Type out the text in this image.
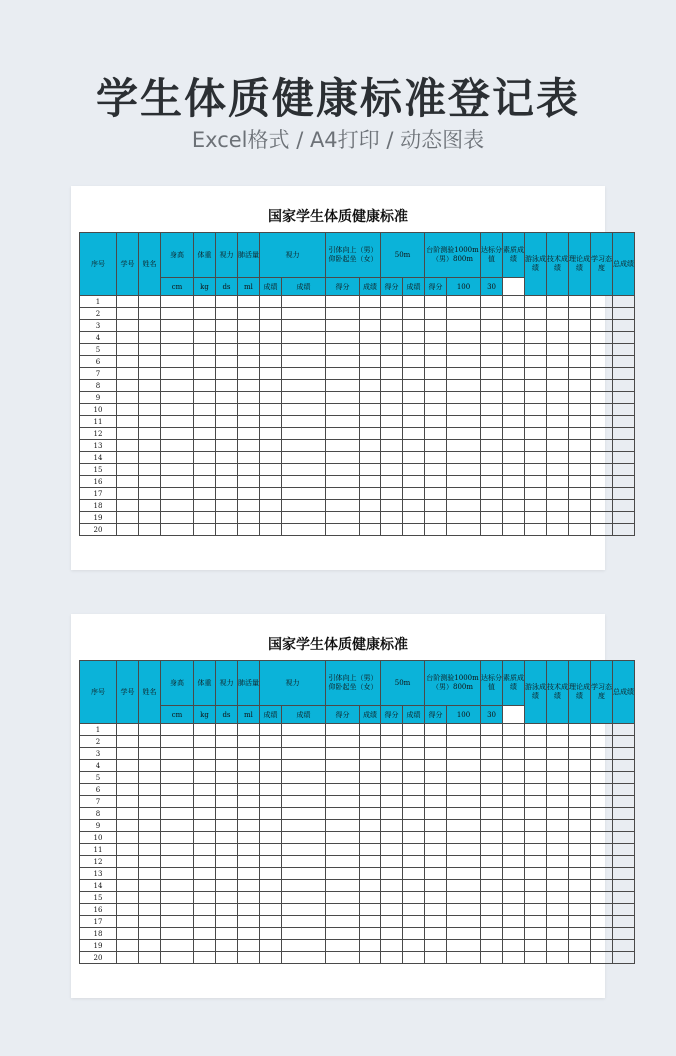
学生体质健康标准登记表
Excel格式 / A4打印 / 动态图表
国家学生体质健康标准
序号	学号	姓名	身高	体重	视力	肺活量	视力		引体向上（男）仰卧起坐（女）		50m		台阶测验1000m（男）800m		达标分值	素质成绩	游泳成绩	技术成绩	理论成绩	学习态度	总成绩
			cm	kg	ds	ml	成绩	成绩	得分	成绩	得分	成绩	得分	100	30						
1																					
2																					
3																					
4																					
5																					
6																					
7																					
8																					
9																					
10																					
11																					
12																					
13																					
14																					
15																					
16																					
17																					
18																					
19																					
20																					
国家学生体质健康标准
序号	学号	姓名	身高	体重	视力	肺活量	视力		引体向上（男）仰卧起坐（女）		50m		台阶测验1000m（男）800m		达标分值	素质成绩	游泳成绩	技术成绩	理论成绩	学习态度	总成绩
			cm	kg	ds	ml	成绩	成绩	得分	成绩	得分	成绩	得分	100	30						
1																					
2																					
3																					
4																					
5																					
6																					
7																					
8																					
9																					
10																					
11																					
12																					
13																					
14																					
15																					
16																					
17																					
18																					
19																					
20																					
